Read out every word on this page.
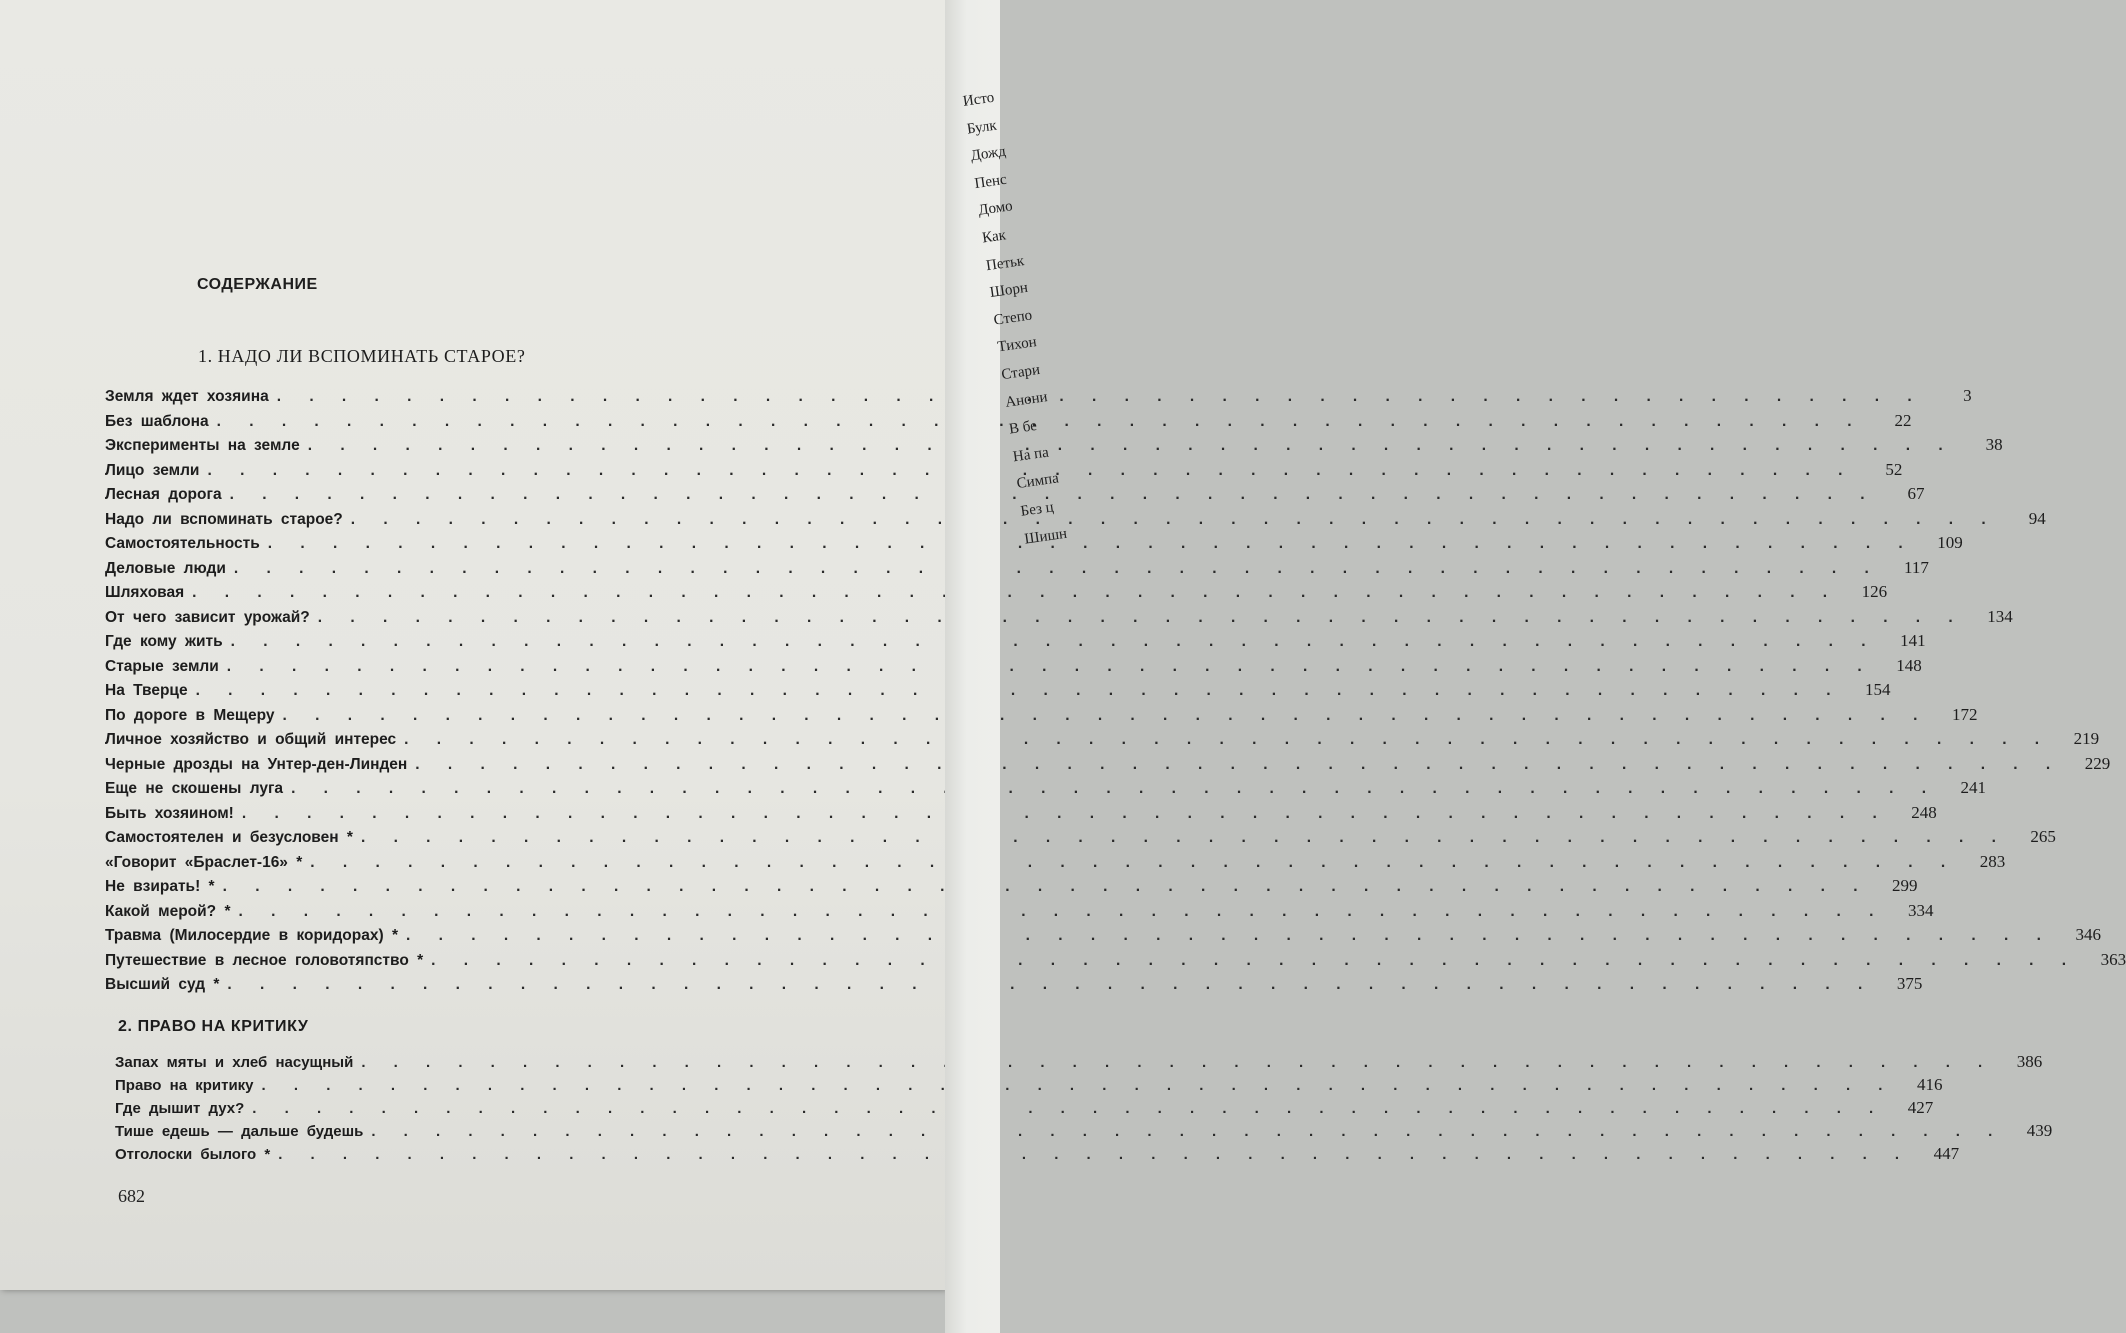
СОДЕРЖАНИЕ
1. НАДО ЛИ ВСПОМИНАТЬ СТАРОЕ?
Земля ждет хозяина . . .	3
Без шаблона . . .	22
Эксперименты на земле . . .	38
Лицо земли . . .	52
Лесная дорога . . .	67
Надо ли вспоминать старое? . . .	94
Самостоятельность . . .	109
Деловые люди . . .	117
Шляховая . . .	126
От чего зависит урожай? . . .	134
Где кому жить . . .	141
Старые земли . . .	148
На Тверце . . .	154
По дороге в Мещеру . . .	172
Личное хозяйство и общий интерес . . .	219
Черные дрозды на Унтер-ден-Линден . . .	229
Еще не скошены луга . . .	241
Быть хозяином! . . .	248
Самостоятелен и безусловен * . . .	265
«Говорит «Браслет-16» * . . .	283
Не взирать! * . . .	299
Какой мерой? * . . .	334
Травма (Милосердие в коридорах) * . . .	346
Путешествие в лесное головотяпство * . . .	363
Высший суд * . . .	375
2. ПРАВО НА КРИТИКУ
Запах мяты и хлеб насущный . . .	386
Право на критику . . .	416
Где дышит дух? . . .	427
Тише едешь — дальше будешь . . .	439
Отголоски былого * . . .	447
682
Исто
Булк
Дожд
Пенс
Домо
Как
Петьк
Шорн
Степо
Тихон
Стари
Анони
В бе
На па
Симпа
Без ц
Шишн
